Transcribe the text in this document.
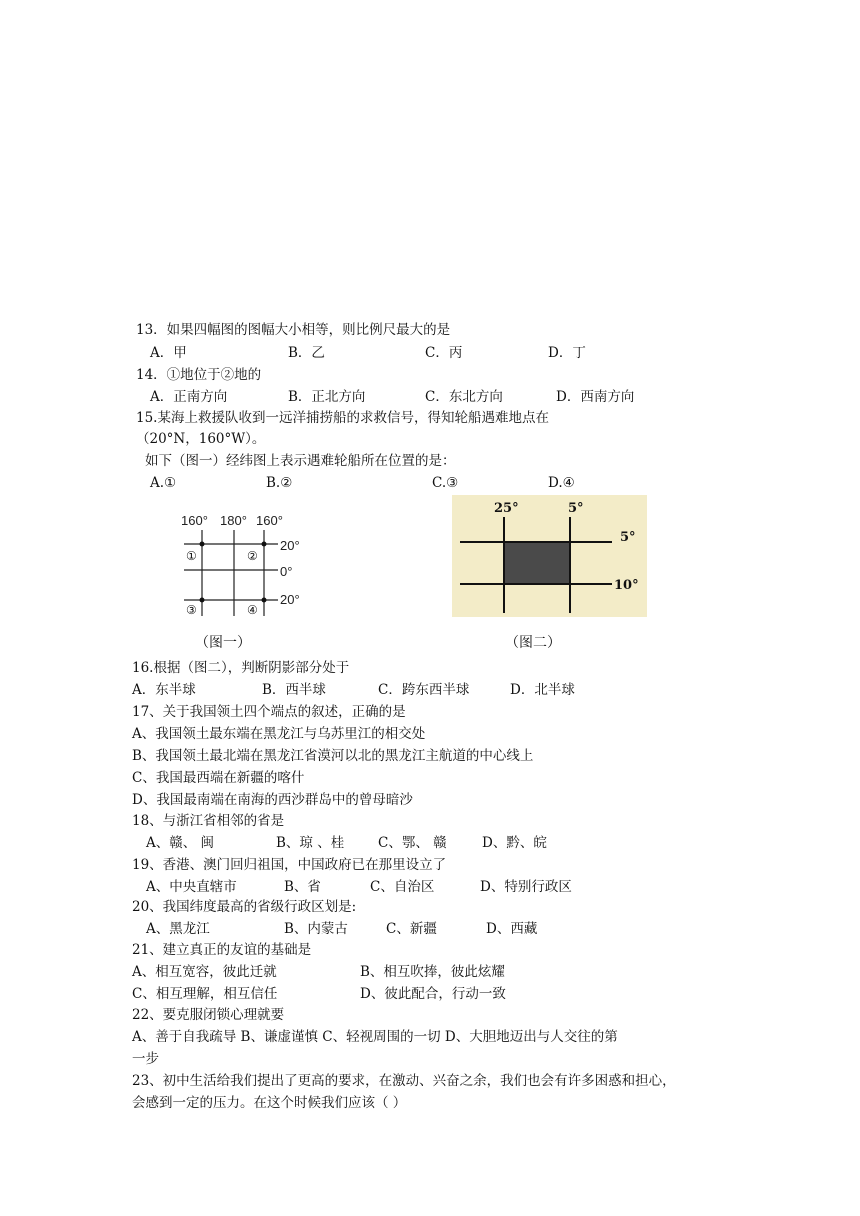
13．如果四幅图的图幅大小相等，则比例尺最大的是
A．甲	B．乙	C．丙	D．丁
14．①地位于②地的
A．正南方向	B．正北方向	C．东北方向	D．西南方向
15.某海上救援队收到一远洋捕捞船的求救信号，得知轮船遇难地点在
（20°N，160°W）。
如下（图一）经纬图上表示遇难轮船所在位置的是：
A.①	B.②	C.③	D.④
160° 180° 160°
20°
0°
20°
①	②
③	④
（图一）
25°	5°
5°
10°
（图二）
16.根据（图二），判断阴影部分处于
A．东半球	B．西半球	C．跨东西半球	D．北半球
17、关于我国领土四个端点的叙述，正确的是
A、我国领土最东端在黑龙江与乌苏里江的相交处
B、我国领土最北端在黑龙江省漠河以北的黑龙江主航道的中心线上
C、我国最西端在新疆的喀什
D、我国最南端在南海的西沙群岛中的曾母暗沙
18、与浙江省相邻的省是
A、赣、 闽	B、琼 、桂	C、鄂、 赣	D、黔、皖
19、香港、澳门回归祖国，中国政府已在那里设立了
A、中央直辖市	B、省	C、自治区	D、特别行政区
20、我国纬度最高的省级行政区划是:
A、黑龙江	B、内蒙古	C、新疆	D、西藏
21、建立真正的友谊的基础是
A、相互宽容，彼此迁就	B、相互吹捧，彼此炫耀
C、相互理解，相互信任	D、彼此配合，行动一致
22、要克服闭锁心理就要
A、善于自我疏导 B、谦虚谨慎 C、轻视周围的一切 D、大胆地迈出与人交往的第
一步
23、初中生活给我们提出了更高的要求，在激动、兴奋之余，我们也会有许多困惑和担心，
会感到一定的压力。在这个时候我们应该（ ）
